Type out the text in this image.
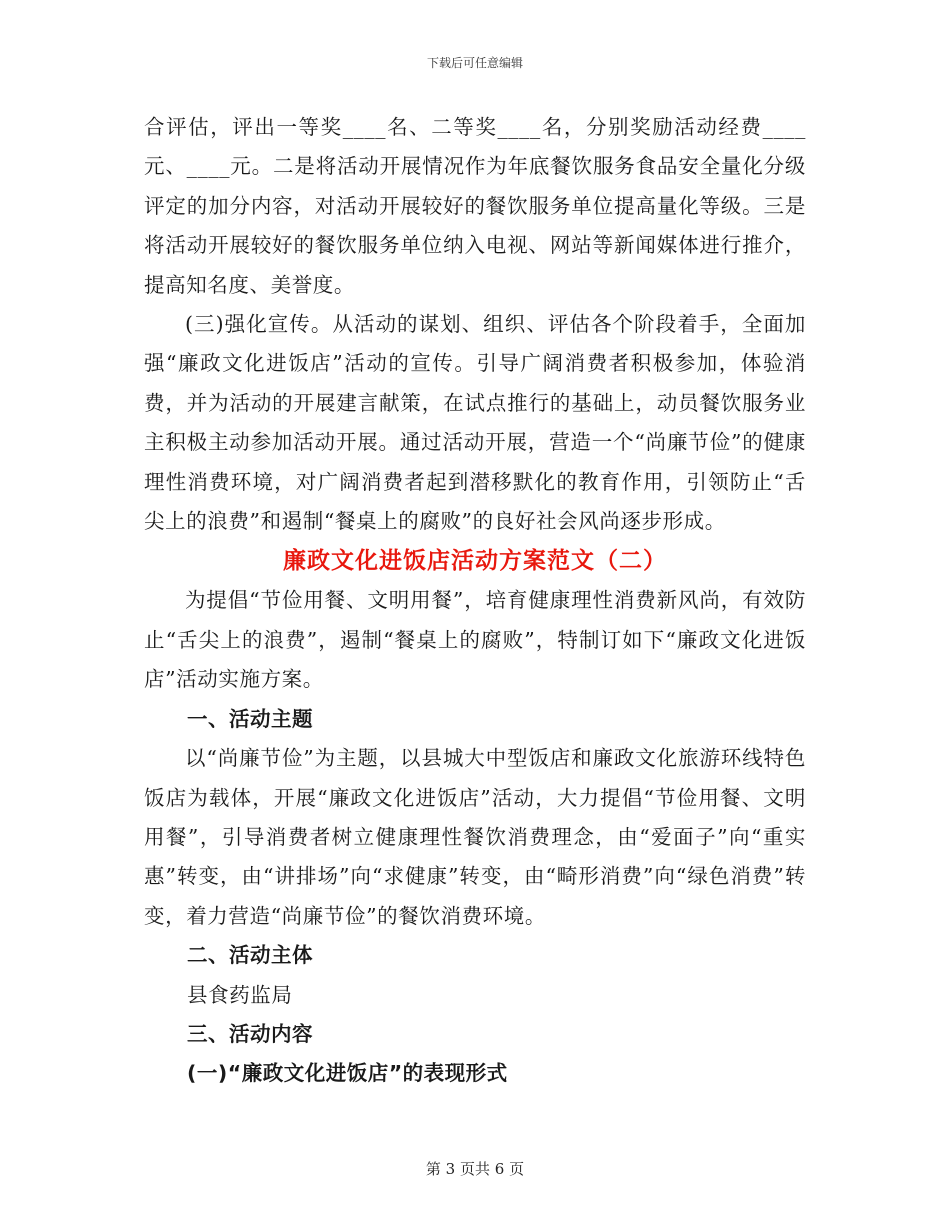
下载后可任意编辑

合评估，评出一等奖____名、二等奖____名，分别奖励活动经费____元、____元。二是将活动开展情况作为年底餐饮服务食品安全量化分级评定的加分内容，对活动开展较好的餐饮服务单位提高量化等级。三是将活动开展较好的餐饮服务单位纳入电视、网站等新闻媒体进行推介，提高知名度、美誉度。

(三)强化宣传。从活动的谋划、组织、评估各个阶段着手，全面加强“廉政文化进饭店”活动的宣传。引导广阔消费者积极参加，体验消费，并为活动的开展建言献策，在试点推行的基础上，动员餐饮服务业主积极主动参加活动开展。通过活动开展，营造一个“尚廉节俭”的健康理性消费环境，对广阔消费者起到潜移默化的教育作用，引领防止“舌尖上的浪费”和遏制“餐桌上的腐败”的良好社会风尚逐步形成。

廉政文化进饭店活动方案范文（二）

为提倡“节俭用餐、文明用餐”，培育健康理性消费新风尚，有效防止“舌尖上的浪费”，遏制“餐桌上的腐败”，特制订如下“廉政文化进饭店”活动实施方案。

一、活动主题

以“尚廉节俭”为主题，以县城大中型饭店和廉政文化旅游环线特色饭店为载体，开展“廉政文化进饭店”活动，大力提倡“节俭用餐、文明用餐”，引导消费者树立健康理性餐饮消费理念，由“爱面子”向“重实惠”转变，由“讲排场”向“求健康”转变，由“畸形消费”向“绿色消费”转变，着力营造“尚廉节俭”的餐饮消费环境。

二、活动主体

县食药监局

三、活动内容
(一)“廉政文化进饭店”的表现形式
第 3 页共 6 页
